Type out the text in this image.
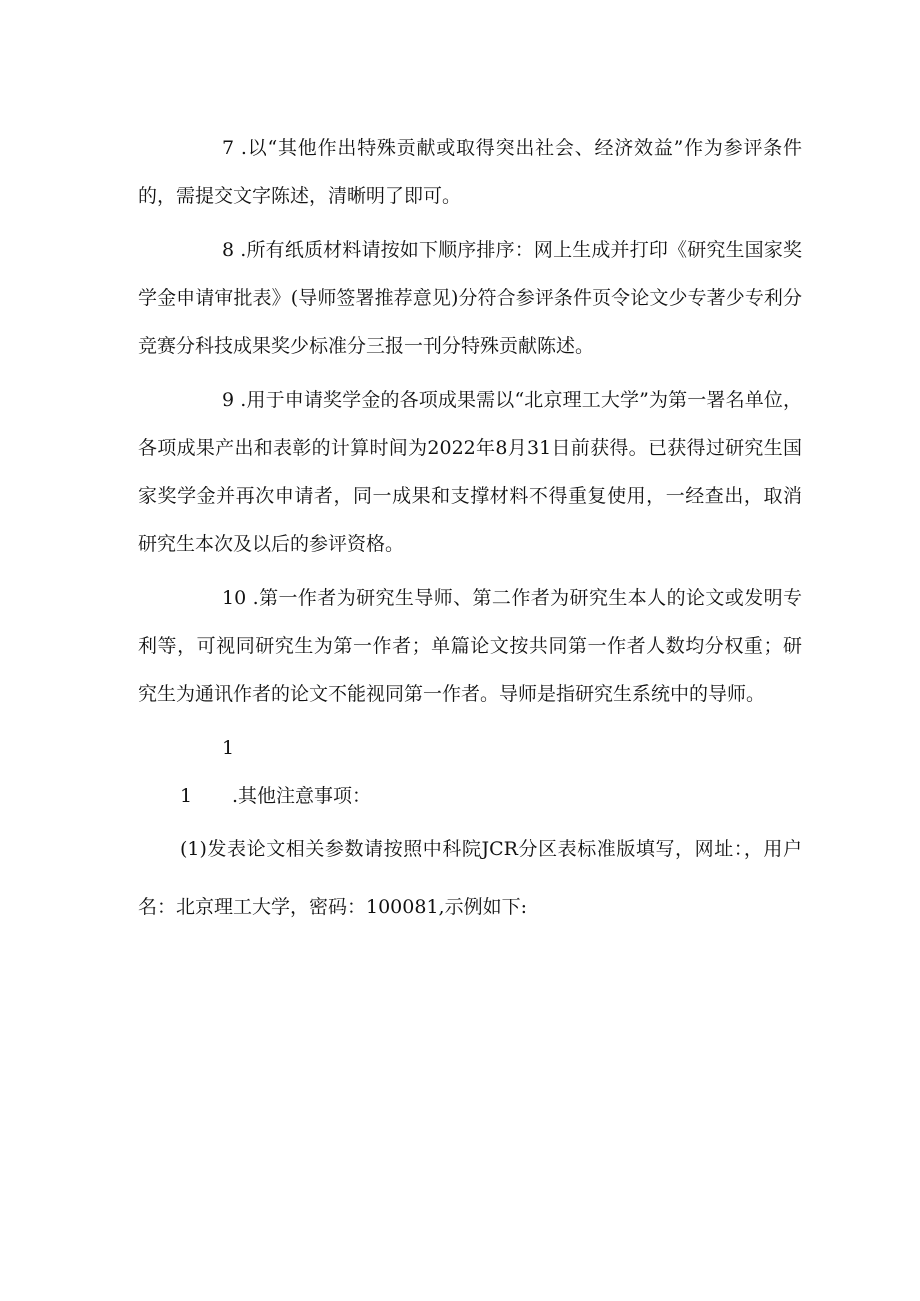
7 .以“其他作出特殊贡献或取得突出社会、经济效益”作为参评条件的，需提交文字陈述，清晰明了即可。

8 .所有纸质材料请按如下顺序排序：网上生成并打印《研究生国家奖学金申请审批表》(导师签署推荐意见)分符合参评条件页令论文少专著少专利分竞赛分科技成果奖少标准分三报一刊分特殊贡献陈述。

9 .用于申请奖学金的各项成果需以“北京理工大学”为第一署名单位，各项成果产出和表彰的计算时间为2022年8月31日前获得。已获得过研究生国家奖学金并再次申请者，同一成果和支撑材料不得重复使用，一经查出，取消研究生本次及以后的参评资格。

10 .第一作者为研究生导师、第二作者为研究生本人的论文或发明专利等，可视同研究生为第一作者；单篇论文按共同第一作者人数均分权重；研究生为通讯作者的论文不能视同第一作者。导师是指研究生系统中的导师。

11 .其他注意事项：

(1)发表论文相关参数请按照中科院JCR分区表标准版填写，网址：，用户名：北京理工大学，密码：100081,示例如下:
